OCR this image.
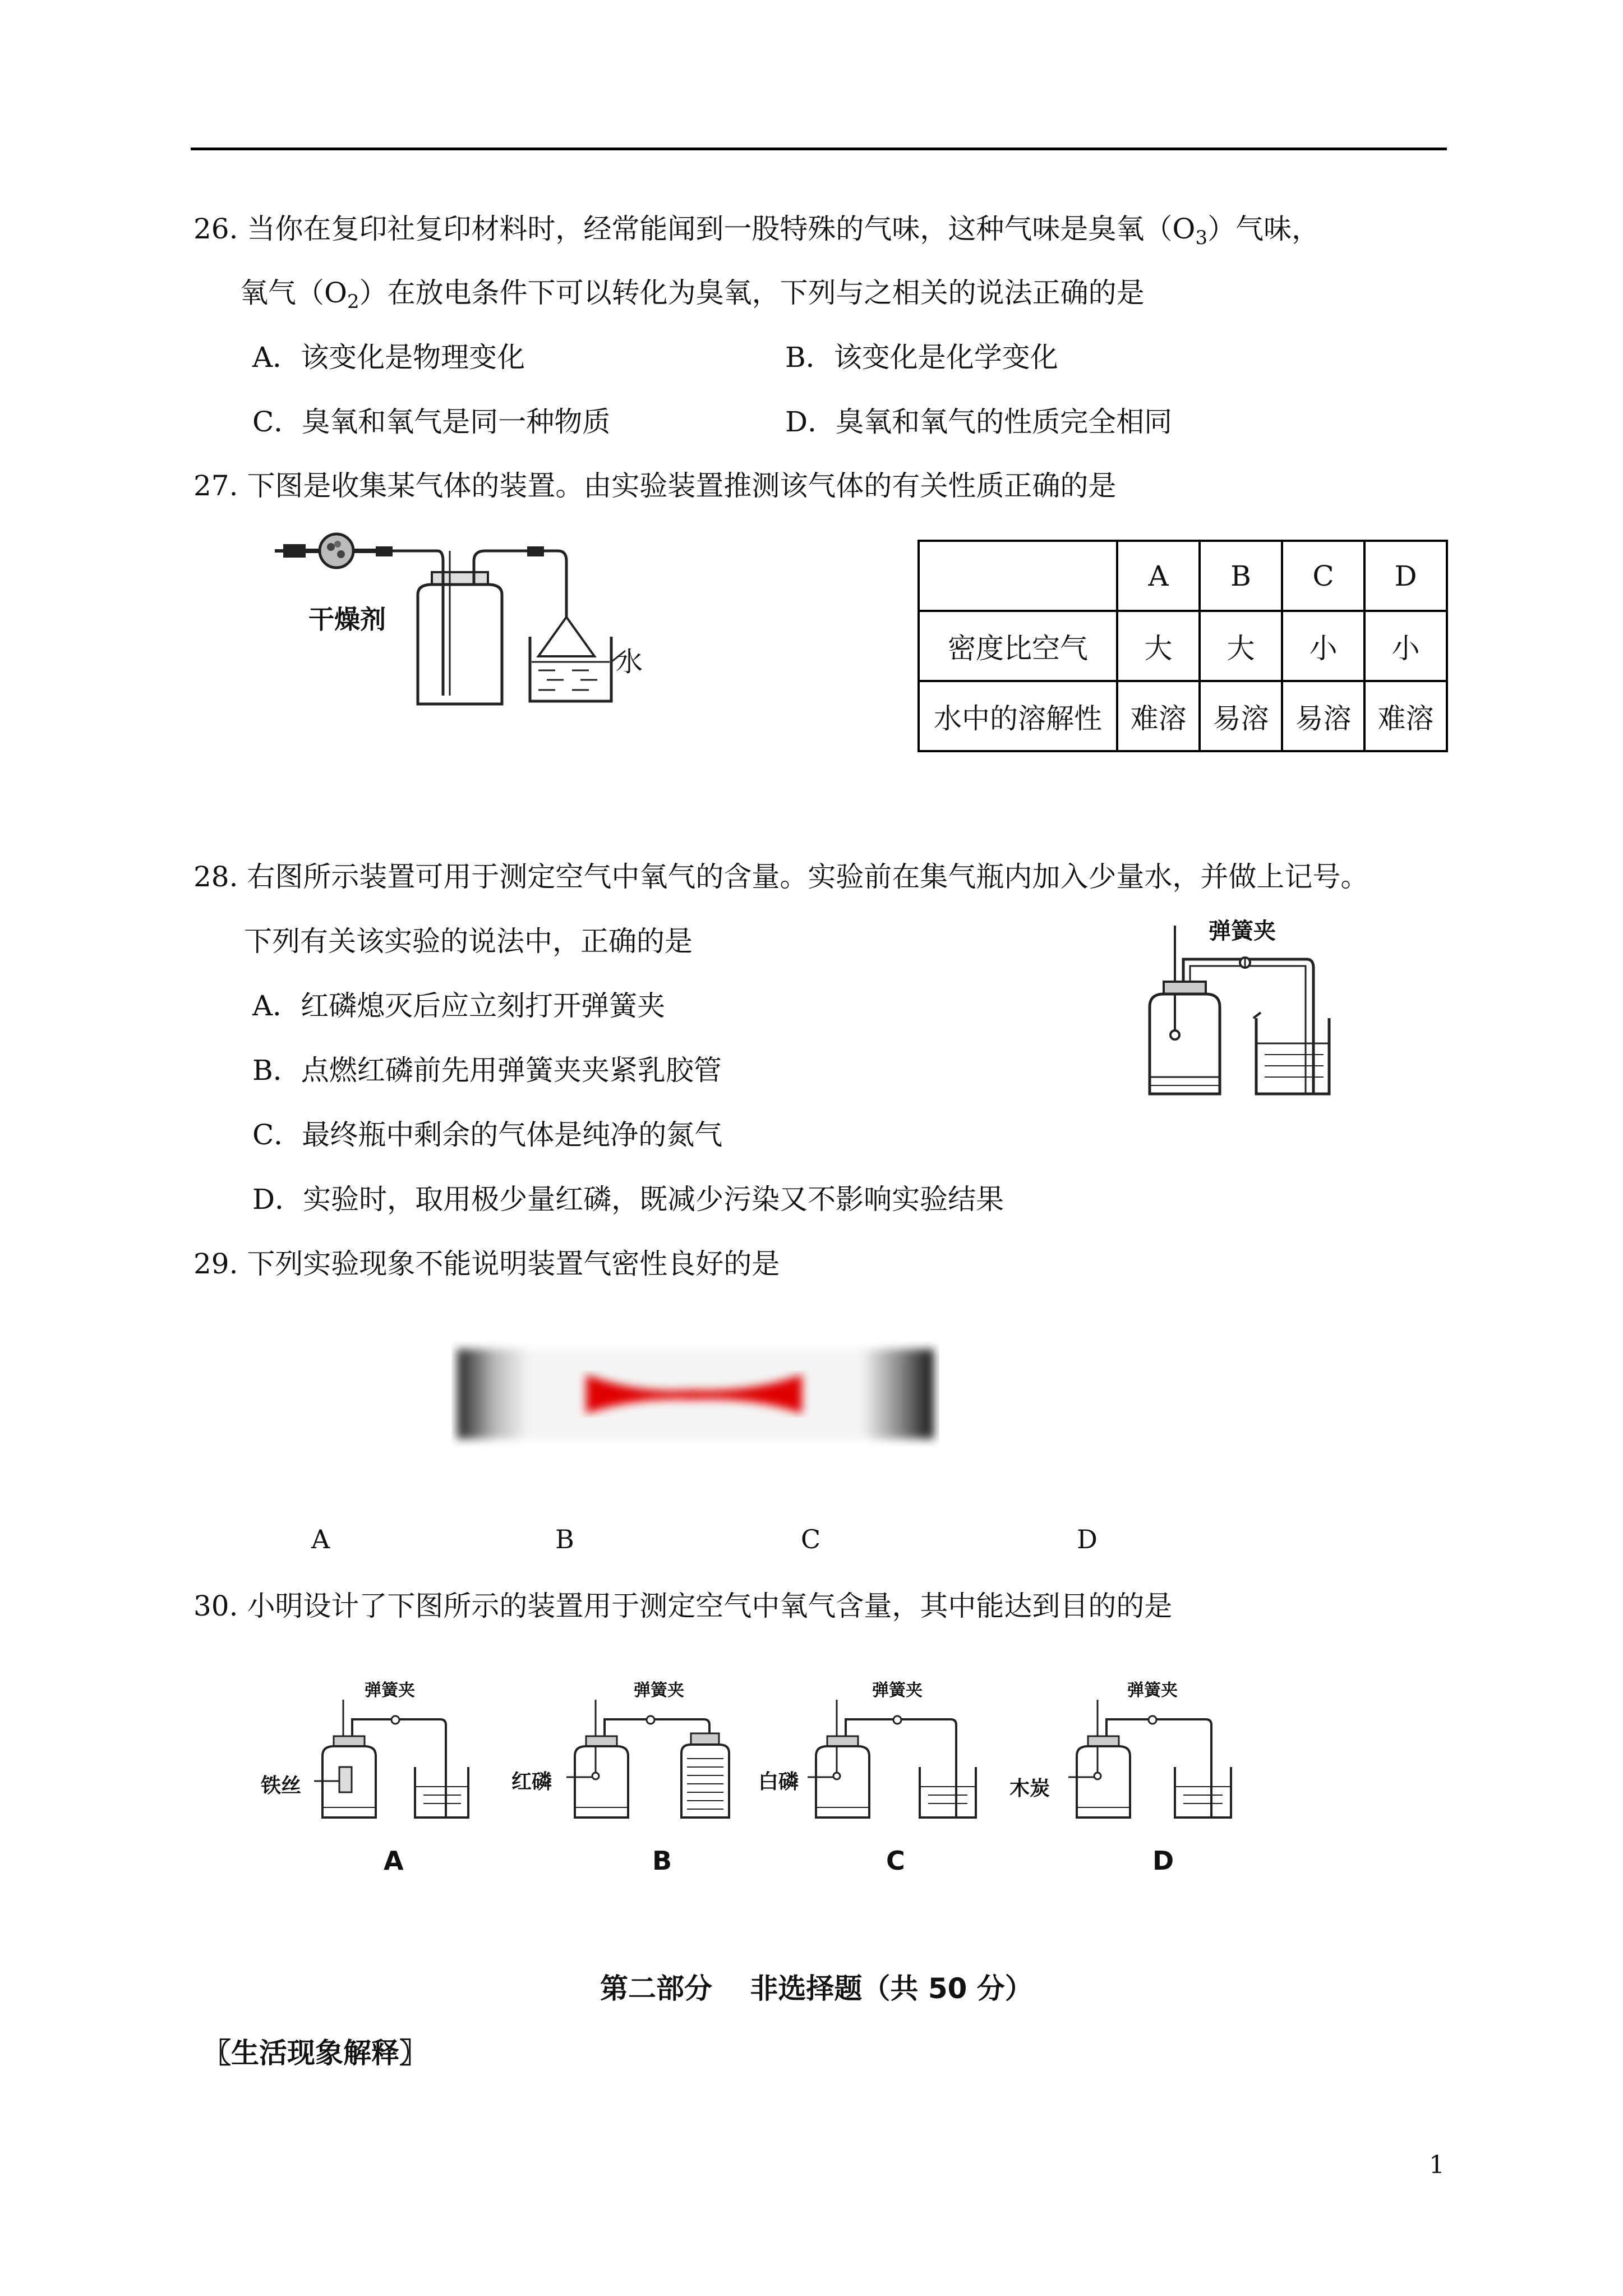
26. 当你在复印社复印材料时，经常能闻到一股特殊的气味，这种气味是臭氧$(O_3)$气味，
氧气$(O_2)$在放电条件下可以转化为臭氧，下列与之相关的说法正确的是
A．该变化是物理变化	B．该变化是化学变化
C．臭氧和氧气是同一种物质	D．臭氧和氧气的性质完全相同
27. 下图是收集某气体的装置。由实验装置推测该气体的有关性质正确的是
干燥剂
水
	A	B	C	D
密度比空气	大	大	小	小
水中的溶解性	难溶	易溶	易溶	难溶
28. 右图所示装置可用于测定空气中氧气的含量。实验前在集气瓶内加入少量水，并做上记号。
下列有关该实验的说法中，正确的是
A．红磷熄灭后应立刻打开弹簧夹
B．点燃红磷前先用弹簧夹夹紧乳胶管
C．最终瓶中剩余的气体是纯净的氮气
D．实验时，取用极少量红磷，既减少污染又不影响实验结果
弹簧夹
29. 下列实验现象不能说明装置气密性良好的是
A	B	C	D
30. 小明设计了下图所示的装置用于测定空气中氧气含量，其中能达到目的的是
弹簧夹
铁丝
A
弹簧夹
红磷
B
弹簧夹
白磷
C
弹簧夹
木炭
D
第二部分　 非选择题（共 50 分）
〖生活现象解释〗
1
